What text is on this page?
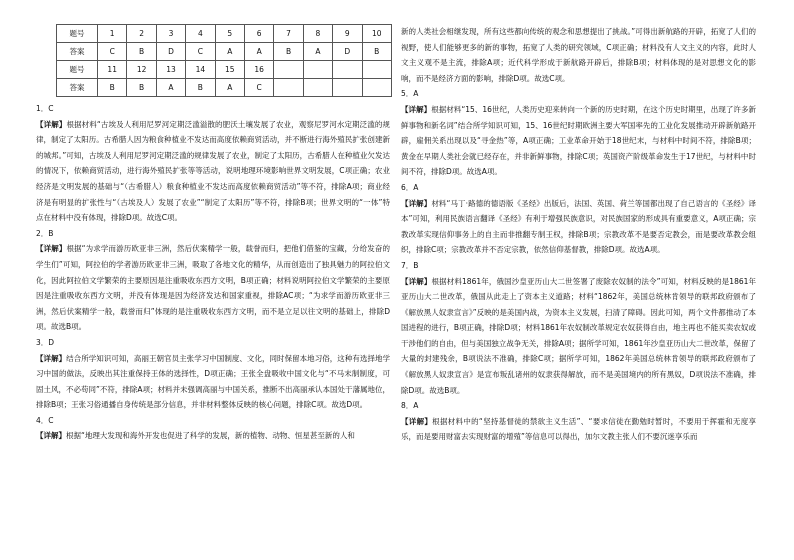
题号	1	2	3	4	5	6	7	8	9	10
答案	C	B	D	C	A	A	B	A	D	B
题号	11	12	13	14	15	16				
答案	B	B	A	B	A	C				

1．C

【详解】根据材料“古埃及人利用尼罗河定期泛滥溢散的肥沃土壤发展了农业，观察尼罗河水定期泛滥的规律，制定了太阳历。古希腊人因为粮食种植业不发达而高度依赖商贸活动，并不断进行海外殖民扩张创建新的城邦。”可知，古埃及人利用尼罗河定期泛滥的规律发展了农业，制定了太阳历，古希腊人在种植业欠发达的情况下，依赖商贸活动，进行海外殖民扩张等等活动，说明地理环境影响世界文明发展，C项正确；农业经济是文明发展的基础与“（古希腊人）粮食种植业不发达而高度依赖商贸活动”等不符，排除A项；商业经济是有明显的扩张性与“（古埃及人）发展了农业”“制定了太阳历”等不符，排除B项；世界文明的“一体”特点在材料中没有体现，排除D项。故选C项。

2．B

【详解】根据“为求学而游历欧亚非三洲，然后伏案精学一般，载誉而归，把他们借鉴的宝藏，分给发奋的学生们”可知，阿拉伯的学者游历欧亚非三洲，吸取了各地文化的精华，从而创造出了独具魅力的阿拉伯文化，因此阿拉伯文学繁荣的主要原因是注重吸收东西方文明，B项正确；材料说明阿拉伯文学繁荣的主要原因是注重吸收东西方文明，并没有体现是因为经济发达和国家重视，排除AC项；“为求学而游历欧亚非三洲，然后伏案精学一般，载誉而归”体现的是注重吸收东西方文明，而不是立足以往文明的基础上，排除D项。故选B项。

3．D

【详解】结合所学知识可知，高丽王朝官员主张学习中国制度、文化，同时保留本地习俗，这种有选择地学习中国的做法，反映出其注重保持王体的选择性，D项正确；王张全盘吸收中国文化与“不马末制制度，可固土风，不必苟同”不符，排除A项；材料并未强调高丽与中国关系，推断不出高丽承认本国处于藩属地位，排除B项；王张习俗通播自身传统是部分信息，并非材料整体反映的核心问题，排除C项。故选D项。

4．C

【详解】根据“地理大发现和海外开发也促进了科学的发展，新的植物、动物、恒星甚至新的人和

新的人类社会相继发现，所有这些都向传统的观念和思想提出了挑战。”可得出新航路的开辟，拓宽了人们的视野，使人们能够更多的新的事物，拓宽了人类的研究领域，C项正确；材料没有人文主义的内容，此时人文主义观不是主流，排除A项；近代科学形成于新航路开辟后，排除B项；材料体现的是对思想文化的影响，而不是经济方面的影响，排除D项。故选C项。

5．A

【详解】根据材料“15、16世纪，人类历史迎来转向一个新的历史时期，在这个历史时期里，出现了许多新鲜事物和新名词”结合所学知识可知，15、16世纪时期欧洲主要大军国率先的工业化发展推动开辟新航路开辟，雇佣关系出现以及“寻金热”等，A项正确；工业革命开始于18世纪末，与材料中时间不符，排除B项；黄金在早期人类社会就已经存在，并非新鲜事物，排除C项；英国资产阶级革命发生于17世纪，与材料中时间不符，排除D项。故选A项。

6．A

【详解】材料“马丁·路德的德语版《圣经》出版后，法国、英国、荷兰等国都出现了自己语言的《圣经》译本”可知，利用民族语言翻译《圣经》有利于增强民族意识，对民族国家的形成具有重要意义，A项正确；宗教改革实现信仰事务上的自主而非推翻专制王权，排除B项；宗教改革不是要否定教会，而是要改革教会组织，排除C项；宗教改革并不否定宗教，依然信仰基督教，排除D项。故选A项。

7．B

【详解】根据材料1861年，俄国沙皇亚历山大二世签署了废除农奴制的法令”可知，材料反映的是1861年亚历山大二世改革，俄国从此走上了资本主义道路；材料“1862年，美国总统林肯领导的联邦政府颁布了《解放黑人奴隶宣言》”反映的是美国内战，为资本主义发展，扫清了障碍。因此可知，两个文件都推动了本国进程的进行，B项正确，排除D项；材料1861年农奴制改革规定农奴获得自由，地主再也不能买卖农奴或干涉他们的自由，但与美国独立战争无关，排除A项；据所学可知，1861年沙皇亚历山大二世改革，保留了大量的封建残余，B项说法不准确，排除C项；据所学可知，1862年美国总统林肯领导的联邦政府颁布了《解放黑人奴隶宣言》是宣布叛乱诸州的奴隶获得解放，而不是美国境内的所有黑奴，D项说法不准确，排除D项。故选B项。

8．A

【详解】根据材料中的“坚持基督徒的禁欲主义生活”、“要求信徒在勤勉时暂时，不要用于挥霍和无度享乐，而是要用财富去实现财富的增殖”等信息可以得出，加尔文教主张人们不要沉迷享乐而
